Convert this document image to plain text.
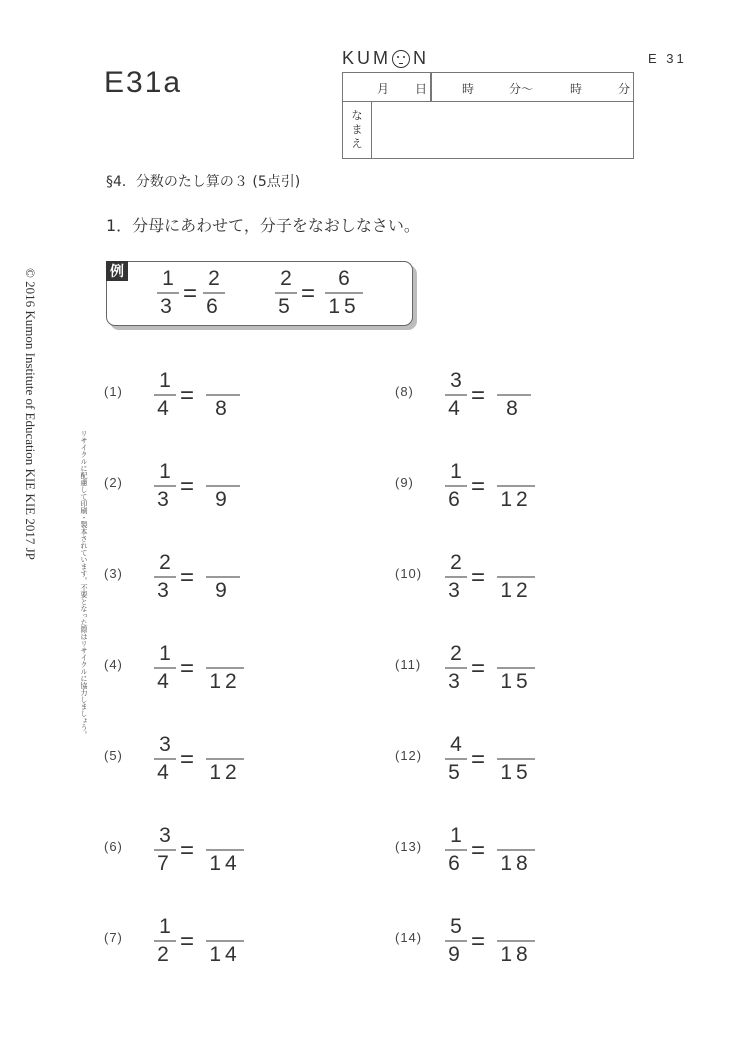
E31a
E 31
KUM N
月 日	時	分〜	時	分
な
ま
え
§4．分数のたし算の３ (5点引)
1．分母にあわせて，分子をなおしなさい。
例 1
3 =
2
6
2
5 =
6
15
(1) 1
4 = 8
(2) 1
3 = 9
(3) 2
3 = 9
(4) 1
4 = 12
(5) 3
4 = 12
(6) 3
7 = 14
(7) 1
2 = 14
(8) 3
4 = 8
(9) 1
6 = 12
(10) 2
3 = 12
(11) 2
3 = 15
(12) 4
5 = 15
(13) 1
6 = 18
(14) 5
9 = 18
© 2016 Kumon Institute of Education KIE KIE 2017 JP
リサイクルに配慮して印刷・製本されています。不要となった際はリサイクルに協力しましょう。
